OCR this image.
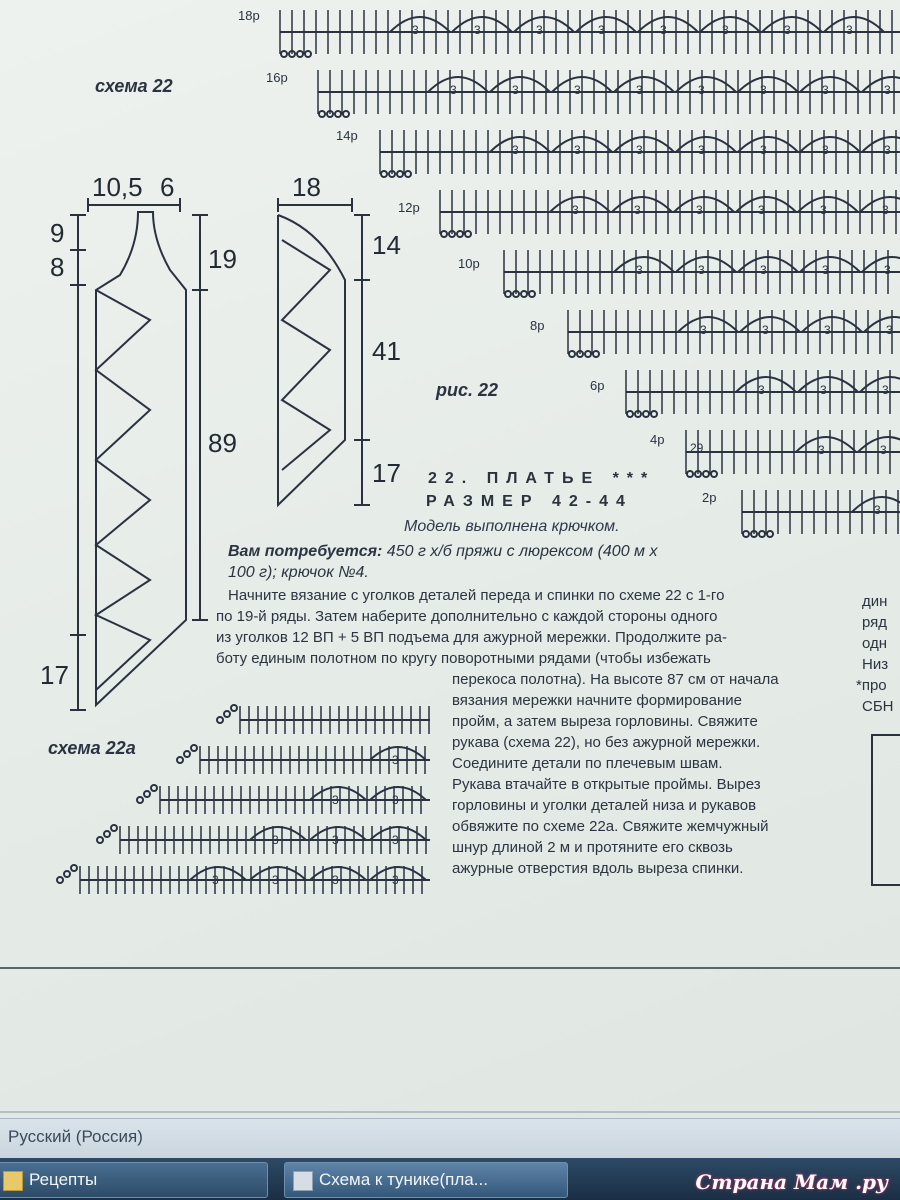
3	3	3	3	3	3	3	3
3	3	3	3	3	3	3	3
3	3	3	3	3	3	3
3	3	3	3	3	3
3	3	3	3	3
3	3	3	3
3	3	3
3	3
3
29
3
3	3
3	3	3
3	3	3	3
схема 22
схема 22а
рис. 22
18р
16р
14р
12р
10р
8р
6р
4р
2р
10,5 6
9
8
17
19
89
18
14
41
17 22. ПЛАТЬЕ ***
РАЗМЕР 42-44
Модель выполнена крючком.
Вам потребуется: 450 г х/б пряжи с люрексом (400 м х
100 г); крючок №4.
Начните вязание с уголков деталей переда и спинки по схеме 22 с 1-го
по 19-й ряды. Затем наберите дополнительно с каждой стороны одного
из уголков 12 ВП + 5 ВП подъема для ажурной мережки. Продолжите ра-
боту единым полотном по кругу поворотными рядами (чтобы избежать
перекоса полотна). На высоте 87 см от начала
вязания мережки начните формирование
пройм, а затем выреза горловины. Свяжите
рукава (схема 22), но без ажурной мережки.
Соедините детали по плечевым швам.
Рукава втачайте в открытые проймы. Вырез
горловины и уголки деталей низа и рукавов
обвяжите по схеме 22а. Свяжите жемчужный
шнур длиной 2 м и протяните его сквозь
ажурные отверстия вдоль выреза спинки.
дин
ряд
одн
Низ
*про
СБН
Русский (Россия)
Рецепты	Схема к тунике(пла...	Страна Мам .ру
